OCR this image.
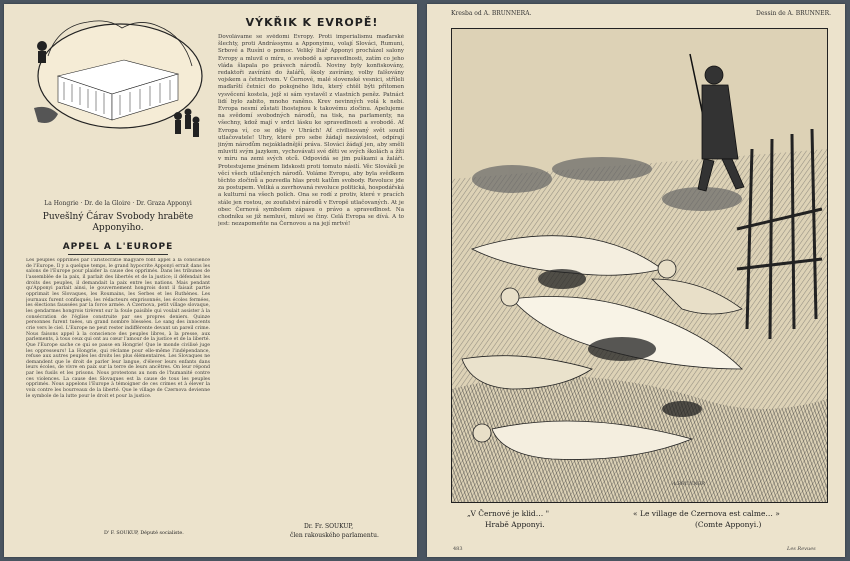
La Hongrie · Dr. de la Gloire · Dr. Graza Apponyi
Puvešlný Čárav Svobody hrabëte
Apponyiho.
APPEL A L'EUROPE
Les peuples opprimés par l'aristocratie magyare font appel à la conscience de l'Europe. Il y a quelque temps, le grand hypocrite Apponyi errait dans les salons de l'Europe pour plaider la cause des opprimés. Dans les tribunes de l'assemblée de la paix, il parlait des libertés et de la justice; il défendait les droits des peuples, il demandait la paix entre les nations. Mais pendant qu'Apponyi parlait ainsi, le gouvernement hongrois dont il faisait partie opprimait les Slovaques, les Roumains, les Serbes et les Ruthènes. Les journaux furent confisqués, les rédacteurs emprisonnés, les écoles fermées, les élections faussées par la force armée. A Czernova, petit village slovaque, les gendarmes hongrois tirèrent sur la foule paisible qui voulait assister à la consécration de l'église construite par ses propres deniers. Quinze personnes furent tuées, un grand nombre blessées. Le sang des innocents crie vers le ciel. L'Europe ne peut rester indifférente devant un pareil crime. Nous faisons appel à la conscience des peuples libres, à la presse, aux parlements, à tous ceux qui ont au cœur l'amour de la justice et de la liberté. Que l'Europe sache ce qui se passe en Hongrie! Que le monde civilisé juge les oppresseurs! La Hongrie, qui réclame pour elle-même l'indépendance, refuse aux autres peuples les droits les plus élémentaires. Les Slovaques ne demandent que le droit de parler leur langue, d'élever leurs enfants dans leurs écoles, de vivre en paix sur la terre de leurs ancêtres. On leur répond par les fusils et les prisons. Nous protestons au nom de l'humanité contre ces violences. La cause des Slovaques est la cause de tous les peuples opprimés. Nous appelons l'Europe à témoigner de ces crimes et à élever la voix contre les bourreaux de la liberté. Que le village de Czernova devienne le symbole de la lutte pour le droit et pour la justice.
D' F. SOUKUP, Député socialiste.
VÝKŘIK K EVROPĚ!
Dovolávame se svědomí Evropy. Proti imperialismu maďarské šlechty, proti Andrássymu a Apponyimu, volají Slováci, Rumuni, Srbové a Rusíni o pomoc. Veliký lhář Apponyi procházel salony Evropy a mluvil o míru, o svobodě a spravedlnosti, zatím co jeho vláda šlapala po právech národů. Noviny byly konfiskovány, redaktoři zavíráni do žalářů, školy zavírány, volby falšovány vojskem a četnictvem. V Černové, malé slovenské vesnici, stříleli maďarští četníci do pokojného lidu, který chtěl býti přítomen vysvěcení kostela, jejž si sám vystavěl z vlastních peněz. Patnáct lidí bylo zabito, mnoho raněno. Krev nevinných volá k nebi. Evropa nesmí zůstati lhostejnou k takovému zločinu. Apelujeme na svědomí svobodných národů, na tisk, na parlamenty, na všechny, kdož mají v srdci lásku ke spravedlnosti a svobodě. Ať Evropa ví, co se děje v Uhrách! Ať civilisovaný svět soudí utlačovatele! Uhry, které pro sebe žádají nezávislost, odpírají jiným národům nejzákladnější práva. Slováci žádají jen, aby směli mluviti svým jazykem, vychovávati své děti ve svých školách a žíti v míru na zemi svých otců. Odpovídá se jim puškami a žaláři. Protestujeme jménem lidskosti proti tomuto násilí. Věc Slováků je věcí všech utlačených národů. Voláme Evropu, aby byla svědkem těchto zločinů a pozvedla hlas proti katům svobody. Revoluce jde za postupem. Veliká a zavrhovaná revoluce politická, hospodářská a kulturní na všech polích. Ona se rodí z protiv, které v pracích stále jen rostou, ze zoufalství národů v Evropě utlačovaných. At je obec Černová symbolem zápasu o právo a spravedlnost. Na chodníku se již nemluví, mluví se činy. Celá Evropa se dívá. A to jest: nezapomeňte na Černovou a na její mrtvé!
Dr. Fr. SOUKUP,
člen rakouského parlamentu.
Kresba od A. BRUNNERA.	Dessin de A. BRUNNER.
A.BRUNNER
„V Černové je klid… "
Hrabě Apponyi.
« Le village de Czernova est calme… »
(Comte Apponyi.)
483	Les Revues
